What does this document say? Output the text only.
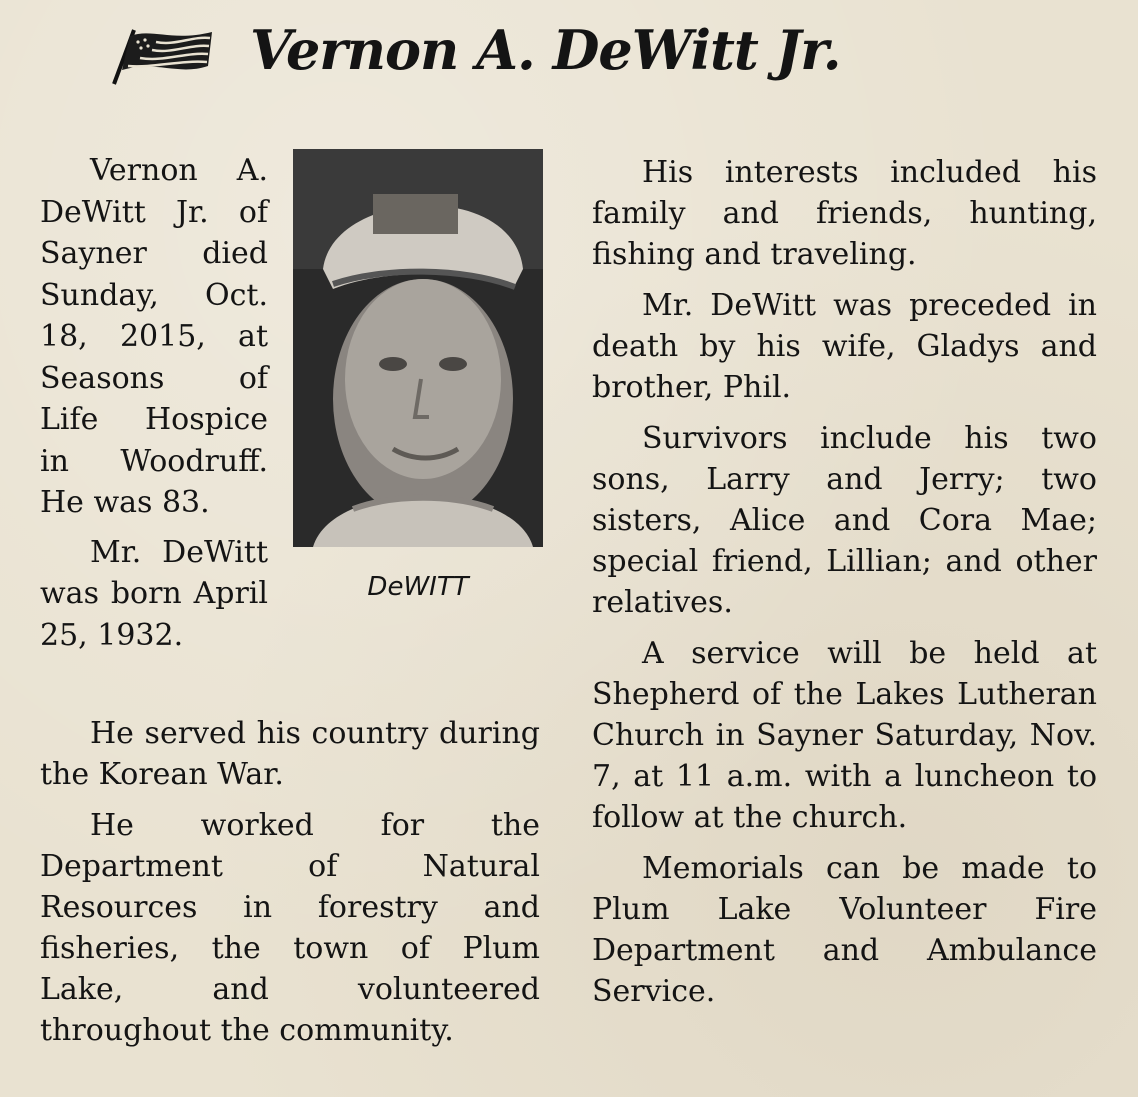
Vernon A. DeWitt Jr.

Vernon A. DeWitt Jr. of Sayner died Sunday, Oct. 18, 2015, at Seasons of Life Hospice in Woodruff. He was 83.

Mr. DeWitt was born April 25, 1932.

DeWITT

He served his country during the Korean War.

He worked for the Department of Natural Resources in forestry and fisheries, the town of Plum Lake, and volunteered throughout the community.

His interests included his family and friends, hunting, fishing and traveling.

Mr. DeWitt was preceded in death by his wife, Gladys and brother, Phil.

Survivors include his two sons, Larry and Jerry; two sisters, Alice and Cora Mae; special friend, Lillian; and other relatives.

A service will be held at Shepherd of the Lakes Lutheran Church in Sayner Saturday, Nov. 7, at 11 a.m. with a luncheon to follow at the church.

Memorials can be made to Plum Lake Volunteer Fire Department and Ambulance Service.
